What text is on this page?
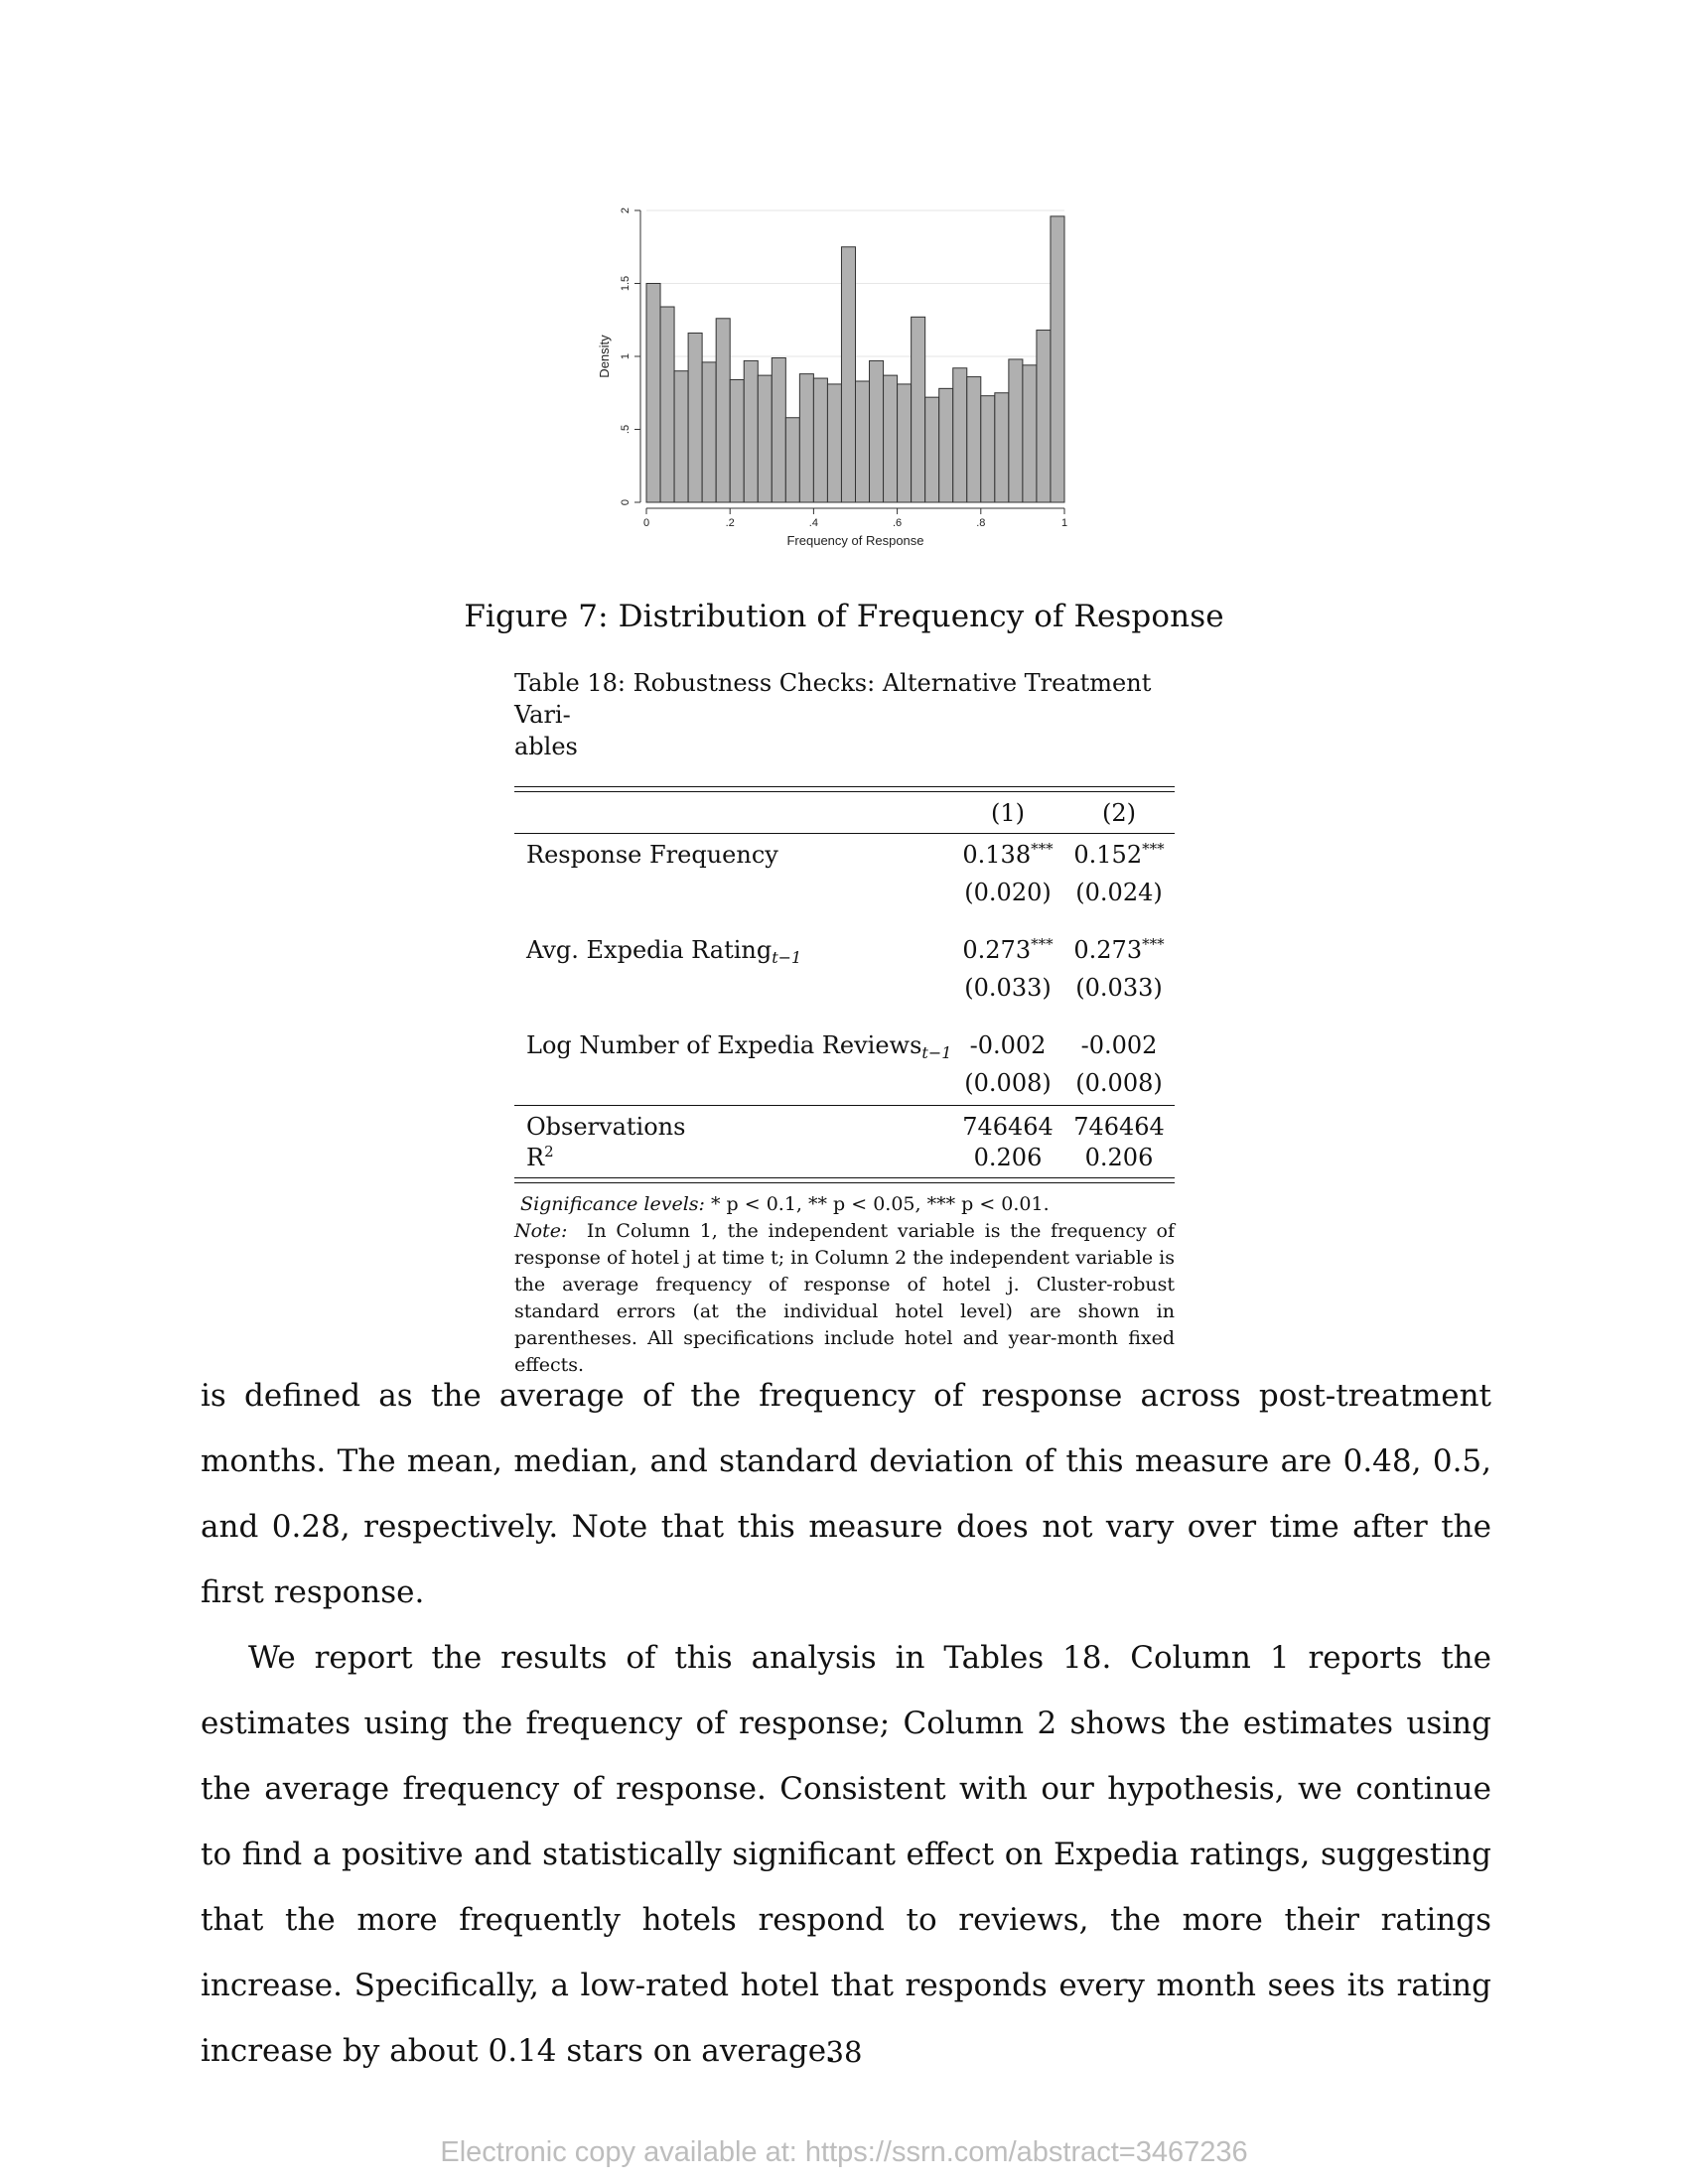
0
.5
1
1.5
2
0	.2	.4	.6	.8	1
Frequency of Response
Density
Figure 7: Distribution of Frequency of Response
Table 18: Robustness Checks: Alternative Treatment Vari-
ables
	(1)	(2)
Response Frequency	0.138***	0.152***
	(0.020)	(0.024)

Avg. Expedia Rating$_{t-1}$	0.273***	0.273***
	(0.033)	(0.033)

Log Number of Expedia Reviews$_{t-1}$	-0.002	-0.002
	(0.008)	(0.008)

Observations	746464	746464
$R^2$	0.206	0.206
Significance levels: * p < 0.1, ** p < 0.05, *** p < 0.01.
Note: In Column 1, the independent variable is the frequency of response of hotel j at time t; in Column 2 the independent variable is the average frequency of response of hotel j. Cluster-robust standard errors (at the individual hotel level) are shown in parentheses. All specifications include hotel and year-month fixed effects.

is defined as the average of the frequency of response across post-treatment months. The mean, median, and standard deviation of this measure are 0.48, 0.5, and 0.28, respectively. Note that this measure does not vary over time after the first response.

We report the results of this analysis in Tables 18. Column 1 reports the estimates using the frequency of response; Column 2 shows the estimates using the average frequency of response. Consistent with our hypothesis, we continue to find a positive and statistically significant effect on Expedia ratings, suggesting that the more frequently hotels respond to reviews, the more their ratings increase. Specifically, a low-rated hotel that responds every month sees its rating increase by about 0.14 stars on average.

38
Electronic copy available at: https://ssrn.com/abstract=3467236
